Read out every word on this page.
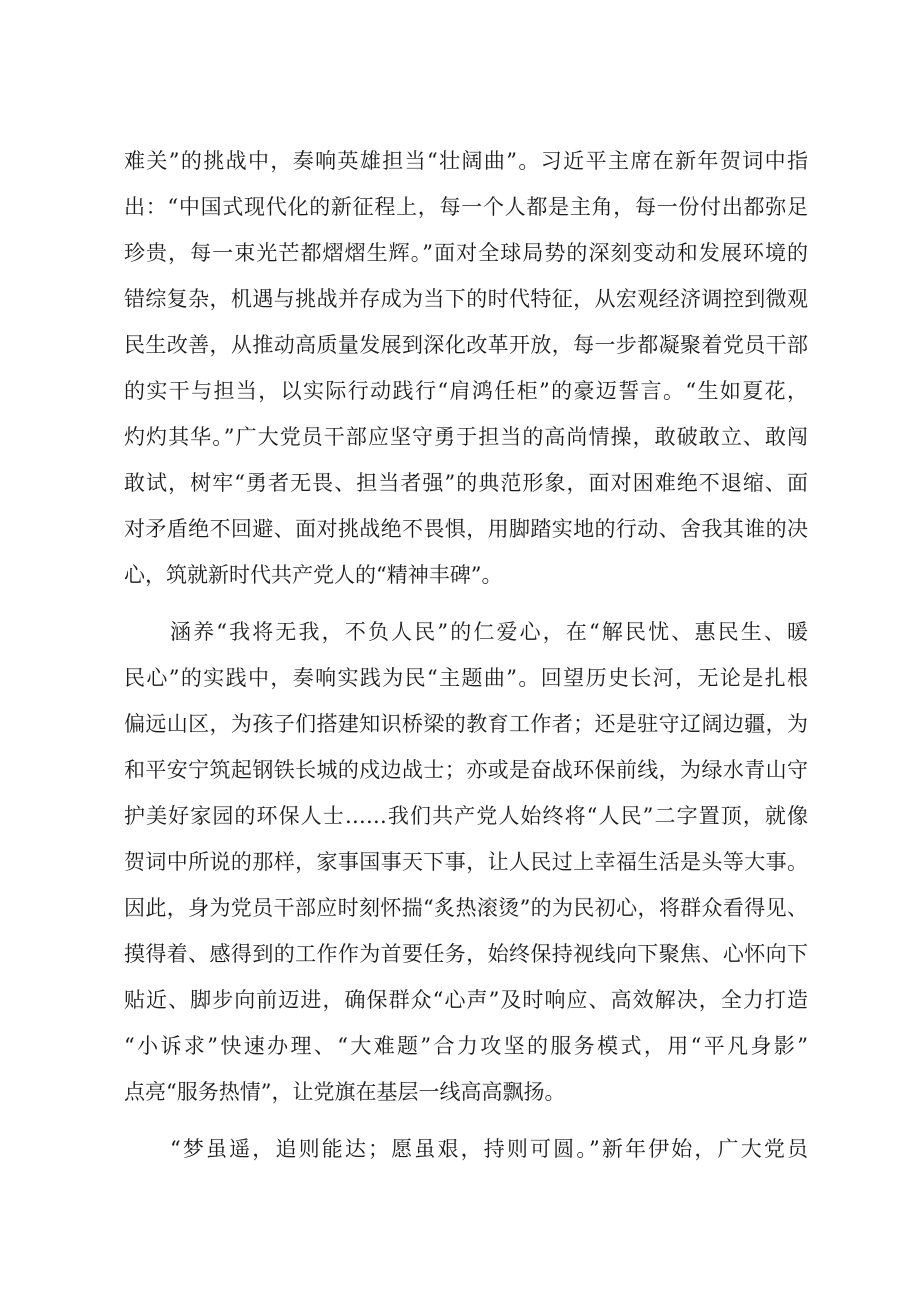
难关”的挑战中，奏响英雄担当“壮阔曲”。习近平主席在新年贺词中指
出：“中国式现代化的新征程上，每一个人都是主角，每一份付出都弥足
珍贵，每一束光芒都熠熠生辉。”面对全球局势的深刻变动和发展环境的
错综复杂，机遇与挑战并存成为当下的时代特征，从宏观经济调控到微观
民生改善，从推动高质量发展到深化改革开放，每一步都凝聚着党员干部
的实干与担当，以实际行动践行“肩鸿任柜”的豪迈誓言。“生如夏花，
灼灼其华。”广大党员干部应坚守勇于担当的高尚情操，敢破敢立、敢闯
敢试，树牢“勇者无畏、担当者强”的典范形象，面对困难绝不退缩、面
对矛盾绝不回避、面对挑战绝不畏惧，用脚踏实地的行动、舍我其谁的决
心，筑就新时代共产党人的“精神丰碑”。
涵养“我将无我，不负人民”的仁爱心，在“解民忧、惠民生、暖
民心”的实践中，奏响实践为民“主题曲”。回望历史长河，无论是扎根
偏远山区，为孩子们搭建知识桥梁的教育工作者；还是驻守辽阔边疆，为
和平安宁筑起钢铁长城的戍边战士；亦或是奋战环保前线，为绿水青山守
护美好家园的环保人士……我们共产党人始终将“人民”二字置顶，就像
贺词中所说的那样，家事国事天下事，让人民过上幸福生活是头等大事。
因此，身为党员干部应时刻怀揣“炙热滚烫”的为民初心，将群众看得见、
摸得着、感得到的工作作为首要任务，始终保持视线向下聚焦、心怀向下
贴近、脚步向前迈进，确保群众“心声”及时响应、高效解决，全力打造
“小诉求”快速办理、“大难题”合力攻坚的服务模式，用“平凡身影”
点亮“服务热情”，让党旗在基层一线高高飘扬。
“梦虽遥，追则能达；愿虽艰，持则可圆。”新年伊始，广大党员
